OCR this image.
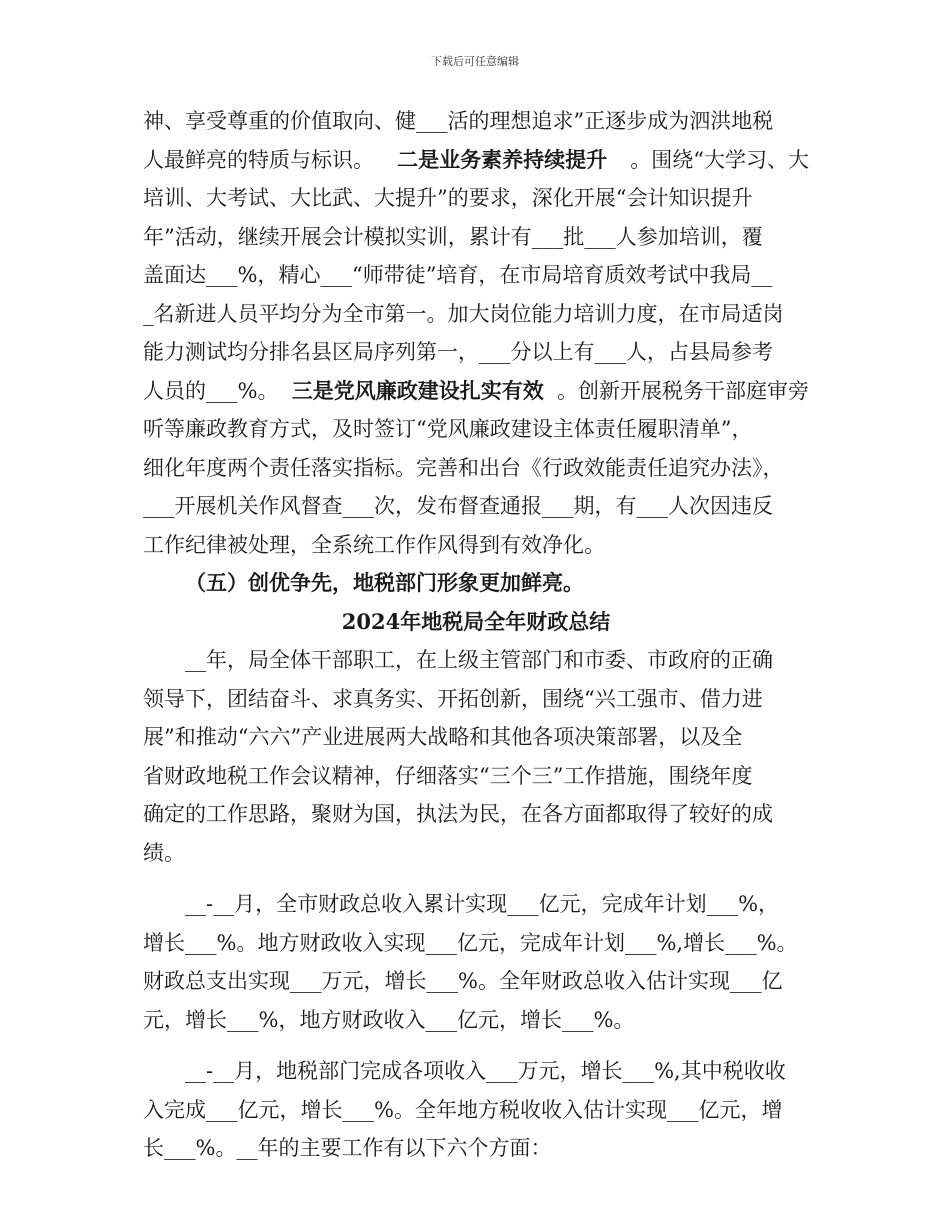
下载后可任意编辑
神、享受尊重的价值取向、健___活的理想追求”正逐步成为泗洪地税
人最鲜亮的特质与标识。 二是业务素养持续提升 。围绕“大学习、大
培训、大考试、大比武、大提升”的要求，深化开展“会计知识提升
年”活动，继续开展会计模拟实训，累计有___批___人参加培训，覆
盖面达___%，精心___“师带徒”培育，在市局培育质效考试中我局__
_名新进人员平均分为全市第一。加大岗位能力培训力度，在市局适岗
能力测试均分排名县区局序列第一，___分以上有___人，占县局参考
人员的___%。 三是党风廉政建设扎实有效 。创新开展税务干部庭审旁
听等廉政教育方式，及时签订“党风廉政建设主体责任履职清单”，
细化年度两个责任落实指标。完善和出台《行政效能责任追究办法》，
___开展机关作风督查___次，发布督查通报___期，有___人次因违反
工作纪律被处理，全系统工作作风得到有效净化。
（五）创优争先，地税部门形象更加鲜亮。
2024年地税局全年财政总结
__年，局全体干部职工，在上级主管部门和市委、市政府的正确
领导下，团结奋斗、求真务实、开拓创新，围绕“兴工强市、借力进
展”和推动“六六”产业进展两大战略和其他各项决策部署，以及全
省财政地税工作会议精神，仔细落实“三个三”工作措施，围绕年度
确定的工作思路，聚财为国，执法为民，在各方面都取得了较好的成
绩。
__-__月，全市财政总收入累计实现___亿元，完成年计划___%，
增长___%。地方财政收入实现___亿元，完成年计划___%,增长___%。
财政总支出实现___万元，增长___%。全年财政总收入估计实现___亿
元，增长___%，地方财政收入___亿元，增长___%。
__-__月，地税部门完成各项收入___万元，增长___%,其中税收收
入完成___亿元，增长___%。全年地方税收收入估计实现___亿元，增
长___%。__年的主要工作有以下六个方面：
